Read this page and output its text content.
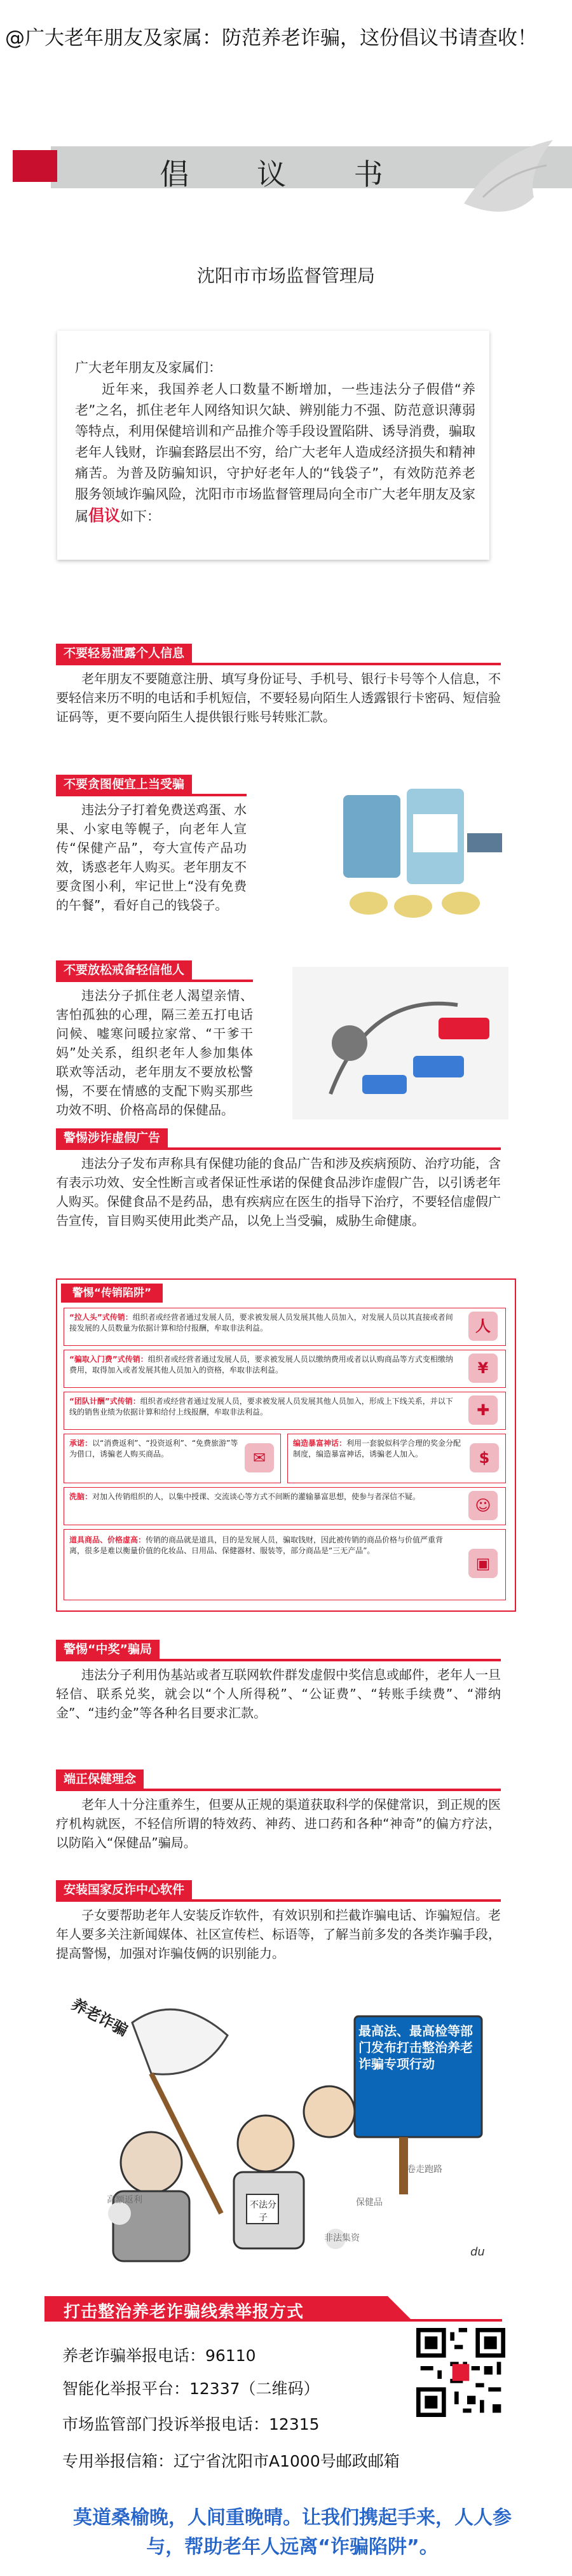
@广大老年朋友及家属：防范养老诈骗，这份倡议书请查收！
倡 议 书
沈阳市市场监督管理局
广大老年朋友及家属们：
近年来，我国养老人口数量不断增加，一些违法分子假借“养老”之名，抓住老年人网络知识欠缺、辨别能力不强、防范意识薄弱等特点，利用保健培训和产品推介等手段设置陷阱、诱导消费，骗取老年人钱财，诈骗套路层出不穷，给广大老年人造成经济损失和精神痛苦。为普及防骗知识，守护好老年人的“钱袋子”，有效防范养老服务领域诈骗风险，沈阳市市场监督管理局向全市广大老年朋友及家属倡议如下：
不要轻易泄露个人信息
老年朋友不要随意注册、填写身份证号、手机号、银行卡号等个人信息，不要轻信来历不明的电话和手机短信，不要轻易向陌生人透露银行卡密码、短信验证码等，更不要向陌生人提供银行账号转账汇款。
不要贪图便宜上当受骗
违法分子打着免费送鸡蛋、水果、小家电等幌子，向老年人宣传“保健产品”，夸大宣传产品功效，诱惑老年人购买。老年朋友不要贪图小利，牢记世上“没有免费的午餐”，看好自己的钱袋子。
不要放松戒备轻信他人
违法分子抓住老人渴望亲情、害怕孤独的心理，隔三差五打电话问候、嘘寒问暖拉家常、“干爹干妈”处关系，组织老年人参加集体联欢等活动，老年朋友不要放松警惕，不要在情感的支配下购买那些功效不明、价格高昂的保健品。
警惕涉诈虚假广告
违法分子发布声称具有保健功能的食品广告和涉及疾病预防、治疗功能，含有表示功效、安全性断言或者保证性承诺的保健食品涉诈虚假广告，以引诱老年人购买。保健食品不是药品，患有疾病应在医生的指导下治疗，不要轻信虚假广告宣传，盲目购买使用此类产品，以免上当受骗，威胁生命健康。
警惕“传销陷阱”
“拉人头”式传销：组织者或经营者通过发展人员，要求被发展人员发展其他人员加入，对发展人员以其直接或者间接发展的人员数量为依据计算和给付报酬，牟取非法利益。	人
“骗取入门费”式传销：组织者或经营者通过发展人员，要求被发展人员以缴纳费用或者以认购商品等方式变相缴纳费用，取得加入或者发展其他人员加入的资格，牟取非法利益。	¥
“团队计酬”式传销：组织者或经营者通过发展人员，要求被发展人员发展其他人员加入，形成上下线关系，并以下线的销售业绩为依据计算和给付上线报酬，牟取非法利益。	✚
承诺：以“消费返利”、“投资返利”、“免费旅游”等为借口，诱骗老人购买商品。	✉
编造暴富神话：利用一套貌似科学合理的奖金分配制度，编造暴富神话，诱骗老人加入。	$
洗脑：对加入传销组织的人，以集中授课、交流谈心等方式不间断的灌输暴富思想，使参与者深信不疑。	☺
道具商品、价格虚高：传销的商品就是道具，目的是发展人员，骗取钱财，因此被传销的商品价格与价值严重背离，很多是难以衡量价值的化妆品、日用品、保健器材、服装等，部分商品是“三无产品”。
▣
警惕“中奖”骗局
违法分子利用伪基站或者互联网软件群发虚假中奖信息或邮件，老年人一旦轻信、联系兑奖，就会以“个人所得税”、“公证费”、“转账手续费”、“滞纳金”、“违约金”等各种名目要求汇款。
端正保健理念
老年人十分注重养生，但要从正规的渠道获取科学的保健常识，到正规的医疗机构就医，不轻信所谓的特效药、神药、进口药和各种“神奇”的偏方疗法，以防陷入“保健品”骗局。
安装国家反诈中心软件
子女要帮助老年人安装反诈软件，有效识别和拦截诈骗电话、诈骗短信。老年人要多关注新闻媒体、社区宣传栏、标语等，了解当前多发的各类诈骗手段，提高警惕，加强对诈骗伎俩的识别能力。
养老诈骗	最高法、最高检等部门发布打击整治养老诈骗专项行动
不法分子
高额返利
非法集资
卷走跑路
保健品
du
打击整治养老诈骗线索举报方式
养老诈骗举报电话：96110
智能化举报平台：12337（二维码）
市场监管部门投诉举报电话：12315
专用举报信箱：辽宁省沈阳市A1000号邮政邮箱
莫道桑榆晚，人间重晚晴。让我们携起手来，人人参与，帮助老年人远离“诈骗陷阱”。
